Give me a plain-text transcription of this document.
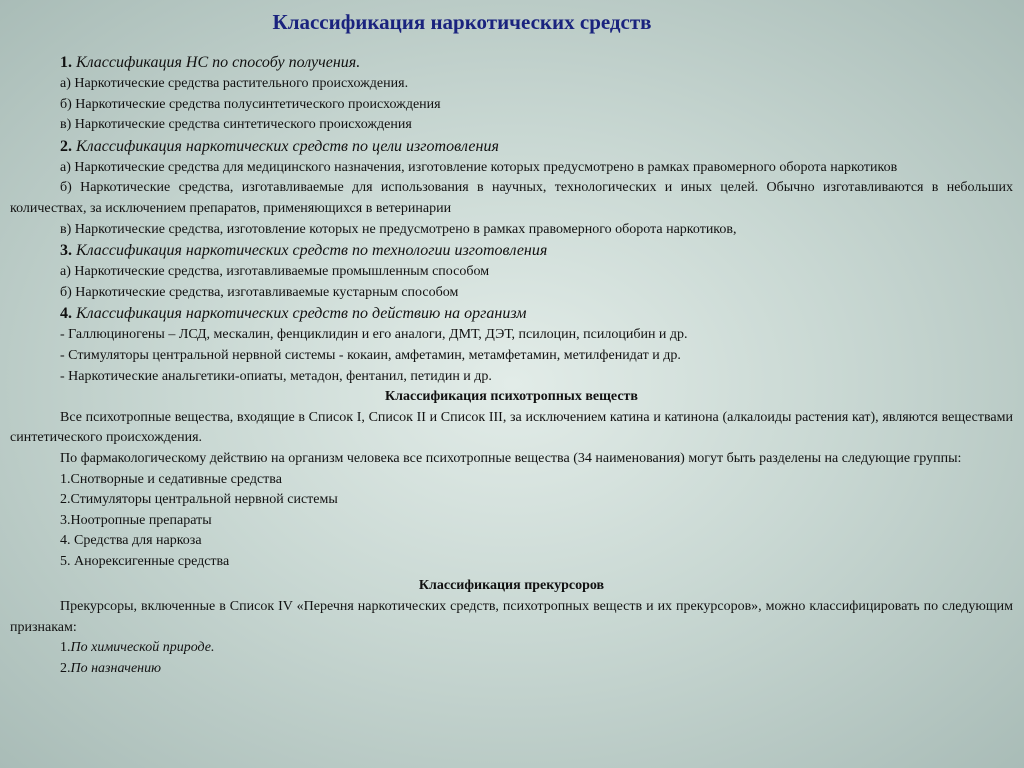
Классификация наркотических средств

1. Классификация НС по способу получения.

а) Наркотические средства растительного происхождения.

б) Наркотические средства полусинтетического происхождения

в) Наркотические средства синтетического происхождения

2. Классификация наркотических средств по цели изготовления

а) Наркотические средства для медицинского назначения, изготовление которых предусмотрено в рамках правомерного оборота наркотиков

б) Наркотические средства, изготавливаемые для использования в научных, технологических и иных целей. Обычно изготавливаются в небольших количествах, за исключением препаратов, применяющихся в ветеринарии

в) Наркотические средства, изготовление которых не предусмотрено в рамках правомерного оборота наркотиков,

3. Классификация наркотических средств по технологии изготовления

а) Наркотические средства, изготавливаемые промышленным способом

б) Наркотические средства, изготавливаемые кустарным способом

4. Классификация наркотических средств по действию на организм

- Галлюциногены – ЛСД, мескалин, фенциклидин и его аналоги, ДМТ, ДЭТ, псилоцин, псилоцибин и др.

- Стимуляторы центральной нервной системы - кокаин, амфетамин, метамфетамин, метилфенидат и др.

- Наркотические анальгетики-опиаты, метадон, фентанил, петидин и др.

Классификация психотропных веществ

Все психотропные вещества, входящие в Список I, Список II и Список III, за исключением катина и катинона (алкалоиды растения кат), являются веществами синтетического происхождения.

По фармакологическому действию на организм человека все психотропные вещества (34 наименования) могут быть разделены на следующие группы:

1.Снотворные и седативные средства

2.Стимуляторы центральной нервной системы

3.Ноотропные препараты

4. Средства для наркоза

5. Анорексигенные средства

Классификация прекурсоров

Прекурсоры, включенные в Список IV «Перечня наркотических средств, психотропных веществ и их прекурсоров», можно классифицировать по следующим признакам:

1.По химической природе.

2.По назначению
